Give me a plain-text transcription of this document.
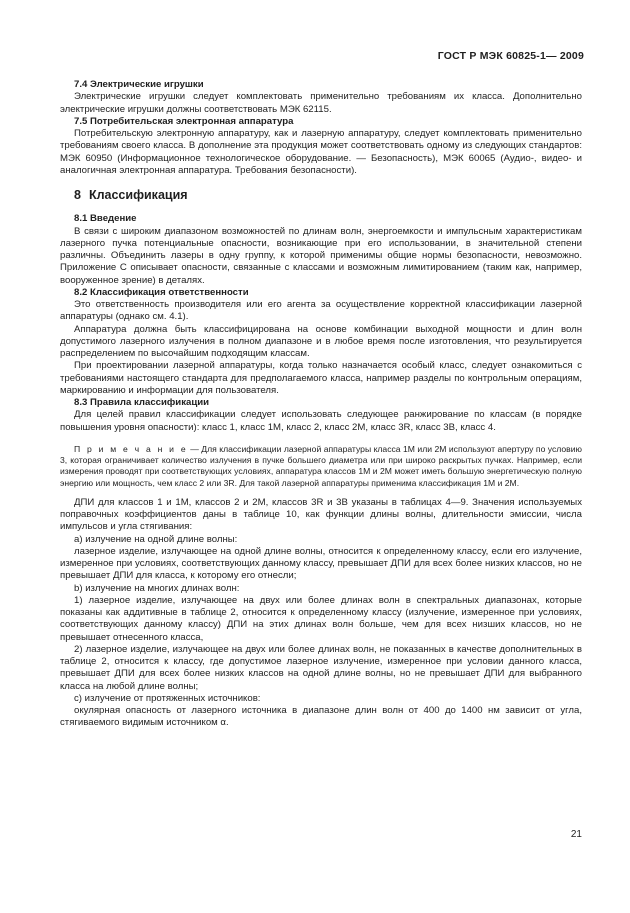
ГОСТ Р МЭК 60825-1— 2009

7.4 Электрические игрушки

Электрические игрушки следует комплектовать применительно требованиям их класса. Дополнительно электрические игрушки должны соответствовать МЭК 62115.

7.5 Потребительская электронная аппаратура

Потребительскую электронную аппаратуру, как и лазерную аппаратуру, следует комплектовать применительно требованиям своего класса. В дополнение эта продукция может соответствовать одному из следующих стандартов: МЭК 60950 (Информационное технологическое оборудование. — Безопасность), МЭК 60065 (Аудио-, видео- и аналогичная электронная аппаратура. Требования безопасности).

8 Классификация

8.1 Введение

В связи с широким диапазоном возможностей по длинам волн, энергоемкости и импульсным характеристикам лазерного пучка потенциальные опасности, возникающие при его использовании, в значительной степени различны. Объединить лазеры в одну группу, к которой применимы общие нормы безопасности, невозможно. Приложение С описывает опасности, связанные с классами и возможным лимитированием (таким как, например, вооруженное зрение) в деталях.

8.2 Классификация ответственности

Это ответственность производителя или его агента за осуществление корректной классификации лазерной аппаратуры (однако см. 4.1).

Аппаратура должна быть классифицирована на основе комбинации выходной мощности и длин волн допустимого лазерного излучения в полном диапазоне и в любое время после изготовления, что результируется распределением по высочайшим подходящим классам.

При проектировании лазерной аппаратуры, когда только назначается особый класс, следует ознакомиться с требованиями настоящего стандарта для предполагаемого класса, например разделы по контрольным операциям, маркированию и информации для пользователя.

8.3 Правила классификации

Для целей правил классификации следует использовать следующее ранжирование по классам (в порядке повышения уровня опасности): класс 1, класс 1М, класс 2, класс 2М, класс 3R, класс 3В, класс 4.

П р и м е ч а н и е — Для классификации лазерной аппаратуры класса 1М или 2М используют апертуру по условию 3, которая ограничивает количество излучения в пучке большего диаметра или при широко раскрытых пучках. Например, если измерения проводят при соответствующих условиях, аппаратура классов 1М и 2М может иметь большую энергетическую полную энергию или мощность, чем класс 2 или 3R. Для такой лазерной аппаратуры применима классификация 1М и 2М.

ДПИ для классов 1 и 1М, классов 2 и 2М, классов 3R и 3В указаны в таблицах 4—9. Значения используемых поправочных коэффициентов даны в таблице 10, как функции длины волны, длительности эмиссии, числа импульсов и угла стягивания:

а) излучение на одной длине волны:

лазерное изделие, излучающее на одной длине волны, относится к определенному классу, если его излучение, измеренное при условиях, соответствующих данному классу, превышает ДПИ для всех более низких классов, но не превышает ДПИ для класса, к которому его отнесли;

b) излучение на многих длинах волн:

1) лазерное изделие, излучающее на двух или более длинах волн в спектральных диапазонах, которые показаны как аддитивные в таблице 2, относится к определенному классу (излучение, измеренное при условиях, соответствующих данному классу) ДПИ на этих длинах волн больше, чем для всех низших классов, но не превышает отнесенного класса,

2) лазерное изделие, излучающее на двух или более длинах волн, не показанных в качестве дополнительных в таблице 2, относится к классу, где допустимое лазерное излучение, измеренное при условии данного класса, превышает ДПИ для всех более низких классов на одной длине волны, но не превышает ДПИ для выбранного класса на любой длине волны;

с) излучение от протяженных источников:

окулярная опасность от лазерного источника в диапазоне длин волн от 400 до 1400 нм зависит от угла, стягиваемого видимым источником α.

21
